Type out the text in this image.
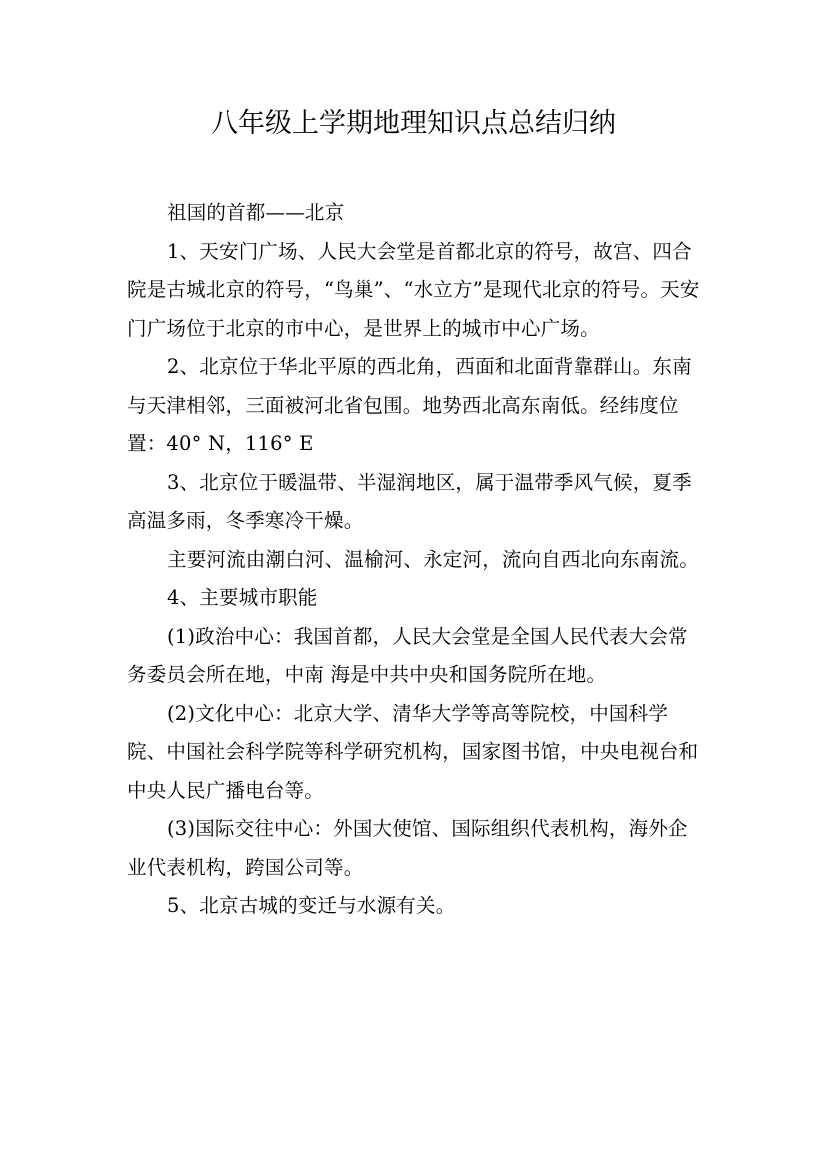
八年级上学期地理知识点总结归纳

祖国的首都——北京

1、天安门广场、人民大会堂是首都北京的符号，故宫、四合院是古城北京的符号，“鸟巢”、“水立方”是现代北京的符号。天安门广场位于北京的市中心，是世界上的城市中心广场。

2、北京位于华北平原的西北角，西面和北面背靠群山。东南与天津相邻，三面被河北省包围。地势西北高东南低。经纬度位置：40° N，116° E

3、北京位于暖温带、半湿润地区，属于温带季风气候，夏季高温多雨，冬季寒冷干燥。

主要河流由潮白河、温榆河、永定河，流向自西北向东南流。

4、主要城市职能

(1)政治中心：我国首都，人民大会堂是全国人民代表大会常务委员会所在地，中南 海是中共中央和国务院所在地。

(2)文化中心：北京大学、清华大学等高等院校，中国科学院、中国社会科学院等科学研究机构，国家图书馆，中央电视台和中央人民广播电台等。

(3)国际交往中心：外国大使馆、国际组织代表机构，海外企业代表机构，跨国公司等。

5、北京古城的变迁与水源有关。
